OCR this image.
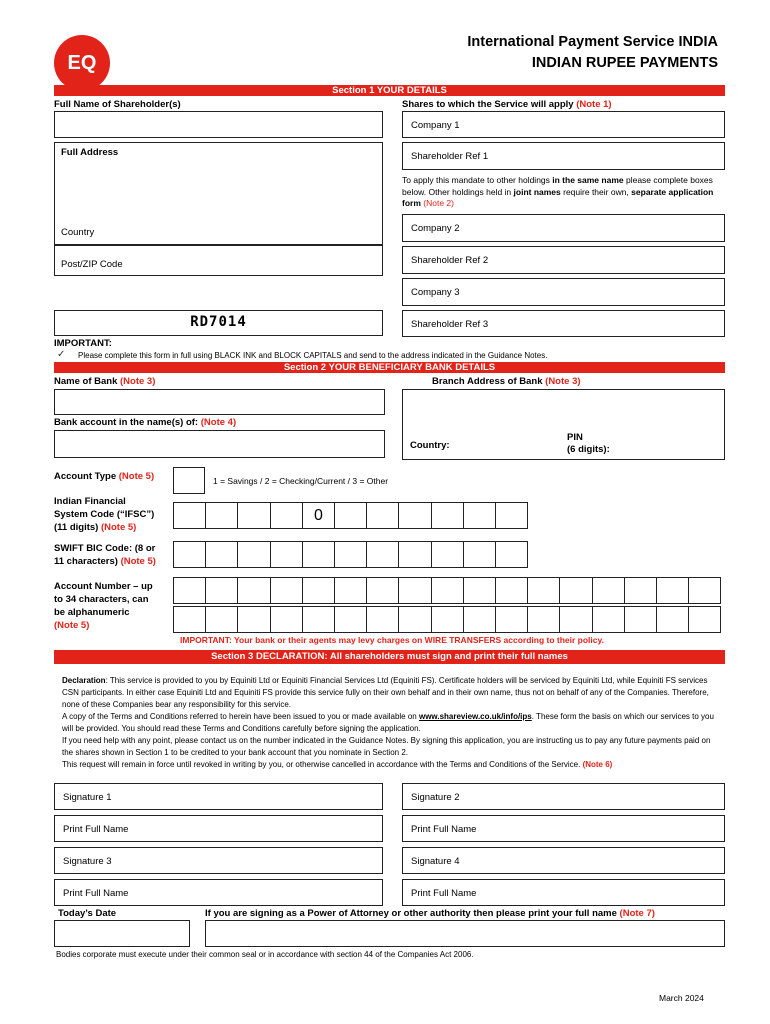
EQ
International Payment Service INDIA
INDIAN RUPEE PAYMENTS
Section 1 YOUR DETAILS
Full Name of Shareholder(s)	Shares to which the Service will apply (Note 1)
Company 1
Full Address
Country
Post/ZIP Code
Shareholder Ref 1
To apply this mandate to other holdings in the same name please complete boxes below. Other holdings held in joint names require their own, separate application form (Note 2)
Company 2
Shareholder Ref 2
Company 3
RD7014	Shareholder Ref 3
IMPORTANT:
✓ Please complete this form in full using BLACK INK and BLOCK CAPITALS and send to the address indicated in the Guidance Notes.
Section 2 YOUR BENEFICIARY BANK DETAILS
Name of Bank (Note 3)	Branch Address of Bank (Note 3)
Bank account in the name(s) of: (Note 4)
Country:
PIN
(6 digits):
Account Type (Note 5)	1 = Savings / 2 = Checking/Current / 3 = Other
Indian Financial
System Code (“IFSC”)
(11 digits) (Note 5)
0
SWIFT BIC Code: (8 or
11 characters) (Note 5)
Account Number – up
to 34 characters, can
be alphanumeric
(Note 5)
IMPORTANT: Your bank or their agents may levy charges on WIRE TRANSFERS according to their policy.
Section 3 DECLARATION: All shareholders must sign and print their full names

Declaration: This service is provided to you by Equiniti Ltd or Equiniti Financial Services Ltd (Equiniti FS). Certificate holders will be serviced by Equiniti Ltd, while Equiniti FS services CSN participants. In either case Equiniti Ltd and Equiniti FS provide this service fully on their own behalf and in their own name, thus not on behalf of any of the Companies. Therefore, none of these Companies bear any responsibility for this service.

A copy of the Terms and Conditions referred to herein have been issued to you or made available on www.shareview.co.uk/info/ips. These form the basis on which our services to you will be provided. You should read these Terms and Conditions carefully before signing the application.

If you need help with any point, please contact us on the number indicated in the Guidance Notes. By signing this application, you are instructing us to pay any future payments paid on the shares shown in Section 1 to be credited to your bank account that you nominate in Section 2.

This request will remain in force until revoked in writing by you, or otherwise cancelled in accordance with the Terms and Conditions of the Service. (Note 6)

Signature 1	Signature 2
Print Full Name	Print Full Name
Signature 3	Signature 4
Print Full Name	Print Full Name
Today’s Date	If you are signing as a Power of Attorney or other authority then please print your full name (Note 7)
Bodies corporate must execute under their common seal or in accordance with section 44 of the Companies Act 2006.
March 2024
